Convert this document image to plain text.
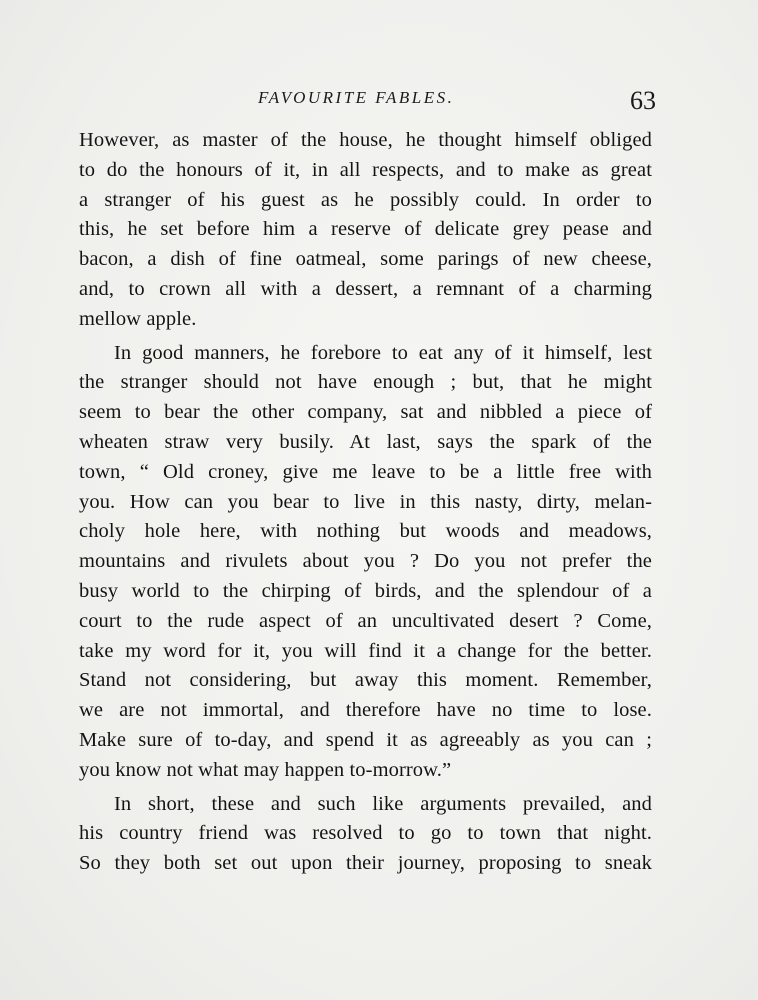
FAVOURITE FABLES.	63
However, as master of the house, he thought himself obliged
to do the honours of it, in all respects, and to make as great
a stranger of his guest as he possibly could. In order to
this, he set before him a reserve of delicate grey pease and
bacon, a dish of fine oatmeal, some parings of new cheese,
and, to crown all with a dessert, a remnant of a charming
mellow apple.
In good manners, he forebore to eat any of it himself, lest
the stranger should not have enough ; but, that he might
seem to bear the other company, sat and nibbled a piece of
wheaten straw very busily. At last, says the spark of the
town, “ Old croney, give me leave to be a little free with
you. How can you bear to live in this nasty, dirty, melan-
choly hole here, with nothing but woods and meadows,
mountains and rivulets about you ? Do you not prefer the
busy world to the chirping of birds, and the splendour of a
court to the rude aspect of an uncultivated desert ? Come,
take my word for it, you will find it a change for the better.
Stand not considering, but away this moment. Remember,
we are not immortal, and therefore have no time to lose.
Make sure of to-day, and spend it as agreeably as you can ;
you know not what may happen to-morrow.”
In short, these and such like arguments prevailed, and
his country friend was resolved to go to town that night.
So they both set out upon their journey, proposing to sneak
